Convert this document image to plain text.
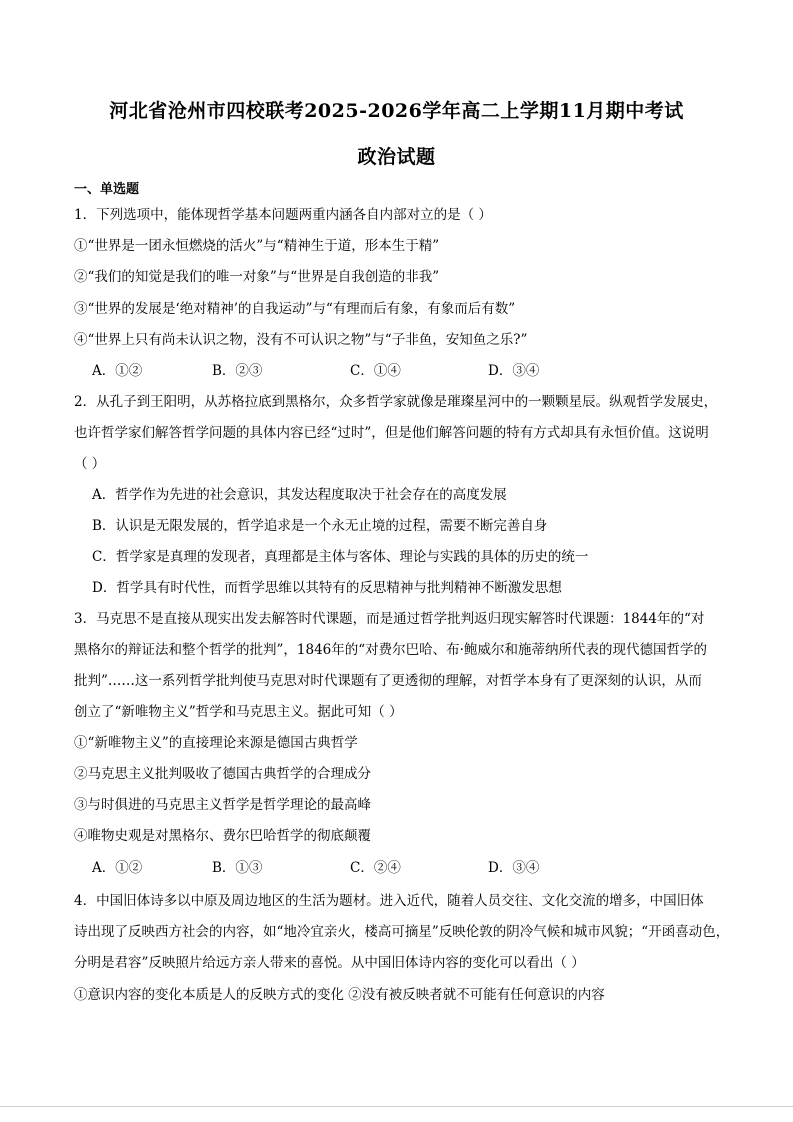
河北省沧州市四校联考2025-2026学年高二上学期11月期中考试
政治试题
一、单选题
1．下列选项中，能体现哲学基本问题两重内涵各自内部对立的是（ ）
①“世界是一团永恒燃烧的活火”与“精神生于道，形本生于精”
②“我们的知觉是我们的唯一对象”与“世界是自我创造的非我”
③“世界的发展是‘绝对精神’的自我运动”与“有理而后有象，有象而后有数”
④“世界上只有尚未认识之物，没有不可认识之物”与“子非鱼，安知鱼之乐?”
A．①②	B．②③	C．①④	D．③④
2．从孔子到王阳明，从苏格拉底到黑格尔，众多哲学家就像是璀璨星河中的一颗颗星辰。纵观哲学发展史，
也许哲学家们解答哲学问题的具体内容已经“过时”，但是他们解答问题的特有方式却具有永恒价值。这说明
（ ）
A．哲学作为先进的社会意识，其发达程度取决于社会存在的高度发展
B．认识是无限发展的，哲学追求是一个永无止境的过程，需要不断完善自身
C．哲学家是真理的发现者，真理都是主体与客体、理论与实践的具体的历史的统一
D．哲学具有时代性，而哲学思维以其特有的反思精神与批判精神不断激发思想
3．马克思不是直接从现实出发去解答时代课题，而是通过哲学批判返归现实解答时代课题：1844年的“对
黑格尔的辩证法和整个哲学的批判”，1846年的“对费尔巴哈、布·鲍威尔和施蒂纳所代表的现代德国哲学的
批判”……这一系列哲学批判使马克思对时代课题有了更透彻的理解，对哲学本身有了更深刻的认识，从而
创立了“新唯物主义”哲学和马克思主义。据此可知（ ）
①“新唯物主义”的直接理论来源是德国古典哲学
②马克思主义批判吸收了德国古典哲学的合理成分
③与时俱进的马克思主义哲学是哲学理论的最高峰
④唯物史观是对黑格尔、费尔巴哈哲学的彻底颠覆
A．①②	B．①③	C．②④	D．③④
4．中国旧体诗多以中原及周边地区的生活为题材。进入近代，随着人员交往、文化交流的增多，中国旧体
诗出现了反映西方社会的内容，如“地冷宜亲火，楼高可摘星”反映伦敦的阴冷气候和城市风貌；“开函喜动色，
分明是君容”反映照片给远方亲人带来的喜悦。从中国旧体诗内容的变化可以看出（ ）
①意识内容的变化本质是人的反映方式的变化 ②没有被反映者就不可能有任何意识的内容
